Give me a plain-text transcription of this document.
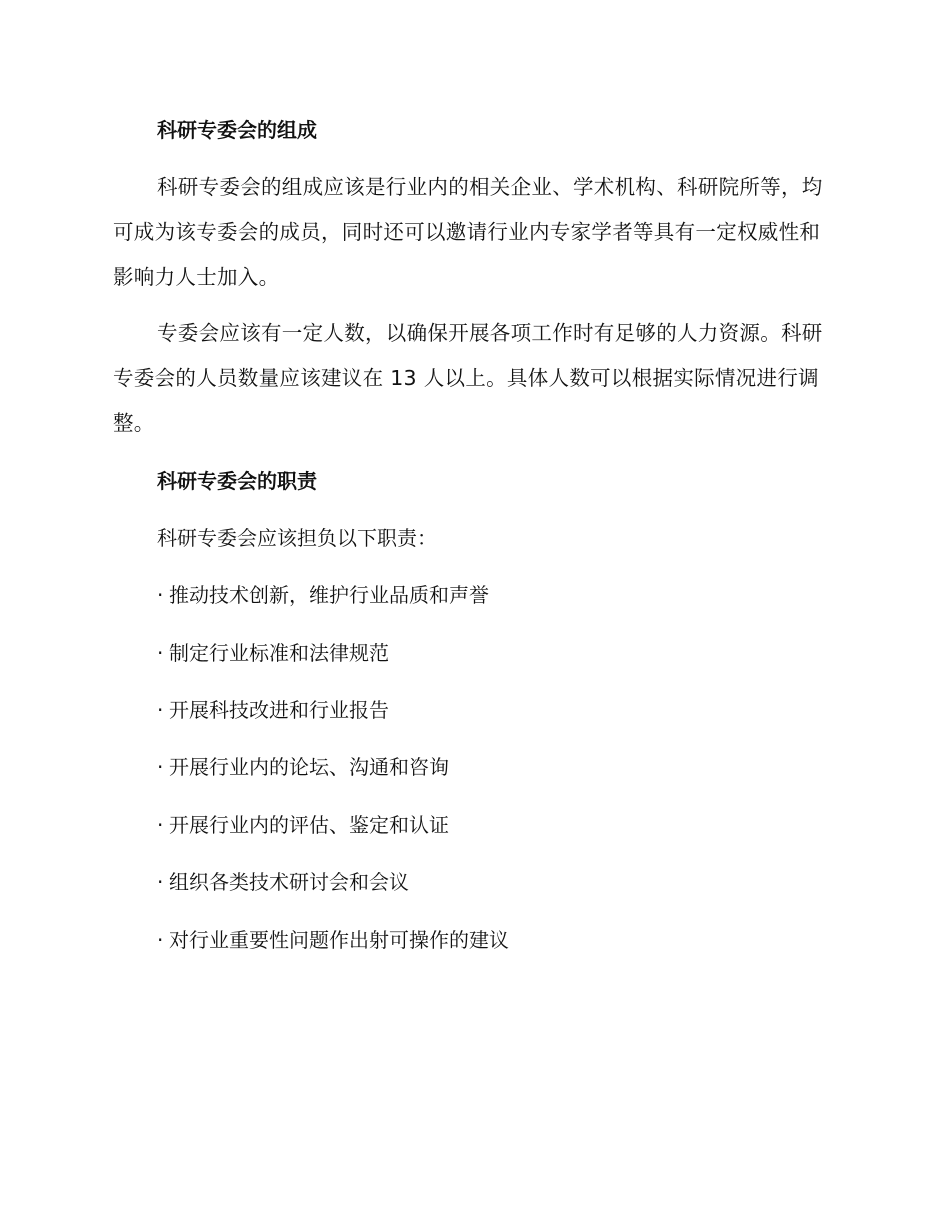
科研专委会的组成
科研专委会的组成应该是行业内的相关企业、学术机构、科研院所等，均可成为该专委会的成员，同时还可以邀请行业内专家学者等具有一定权威性和影响力人士加入。
专委会应该有一定人数，以确保开展各项工作时有足够的人力资源。科研专委会的人员数量应该建议在 13 人以上。具体人数可以根据实际情况进行调整。
科研专委会的职责
科研专委会应该担负以下职责：
· 推动技术创新，维护行业品质和声誉
· 制定行业标准和法律规范
· 开展科技改进和行业报告
· 开展行业内的论坛、沟通和咨询
· 开展行业内的评估、鉴定和认证
· 组织各类技术研讨会和会议
· 对行业重要性问题作出射可操作的建议
